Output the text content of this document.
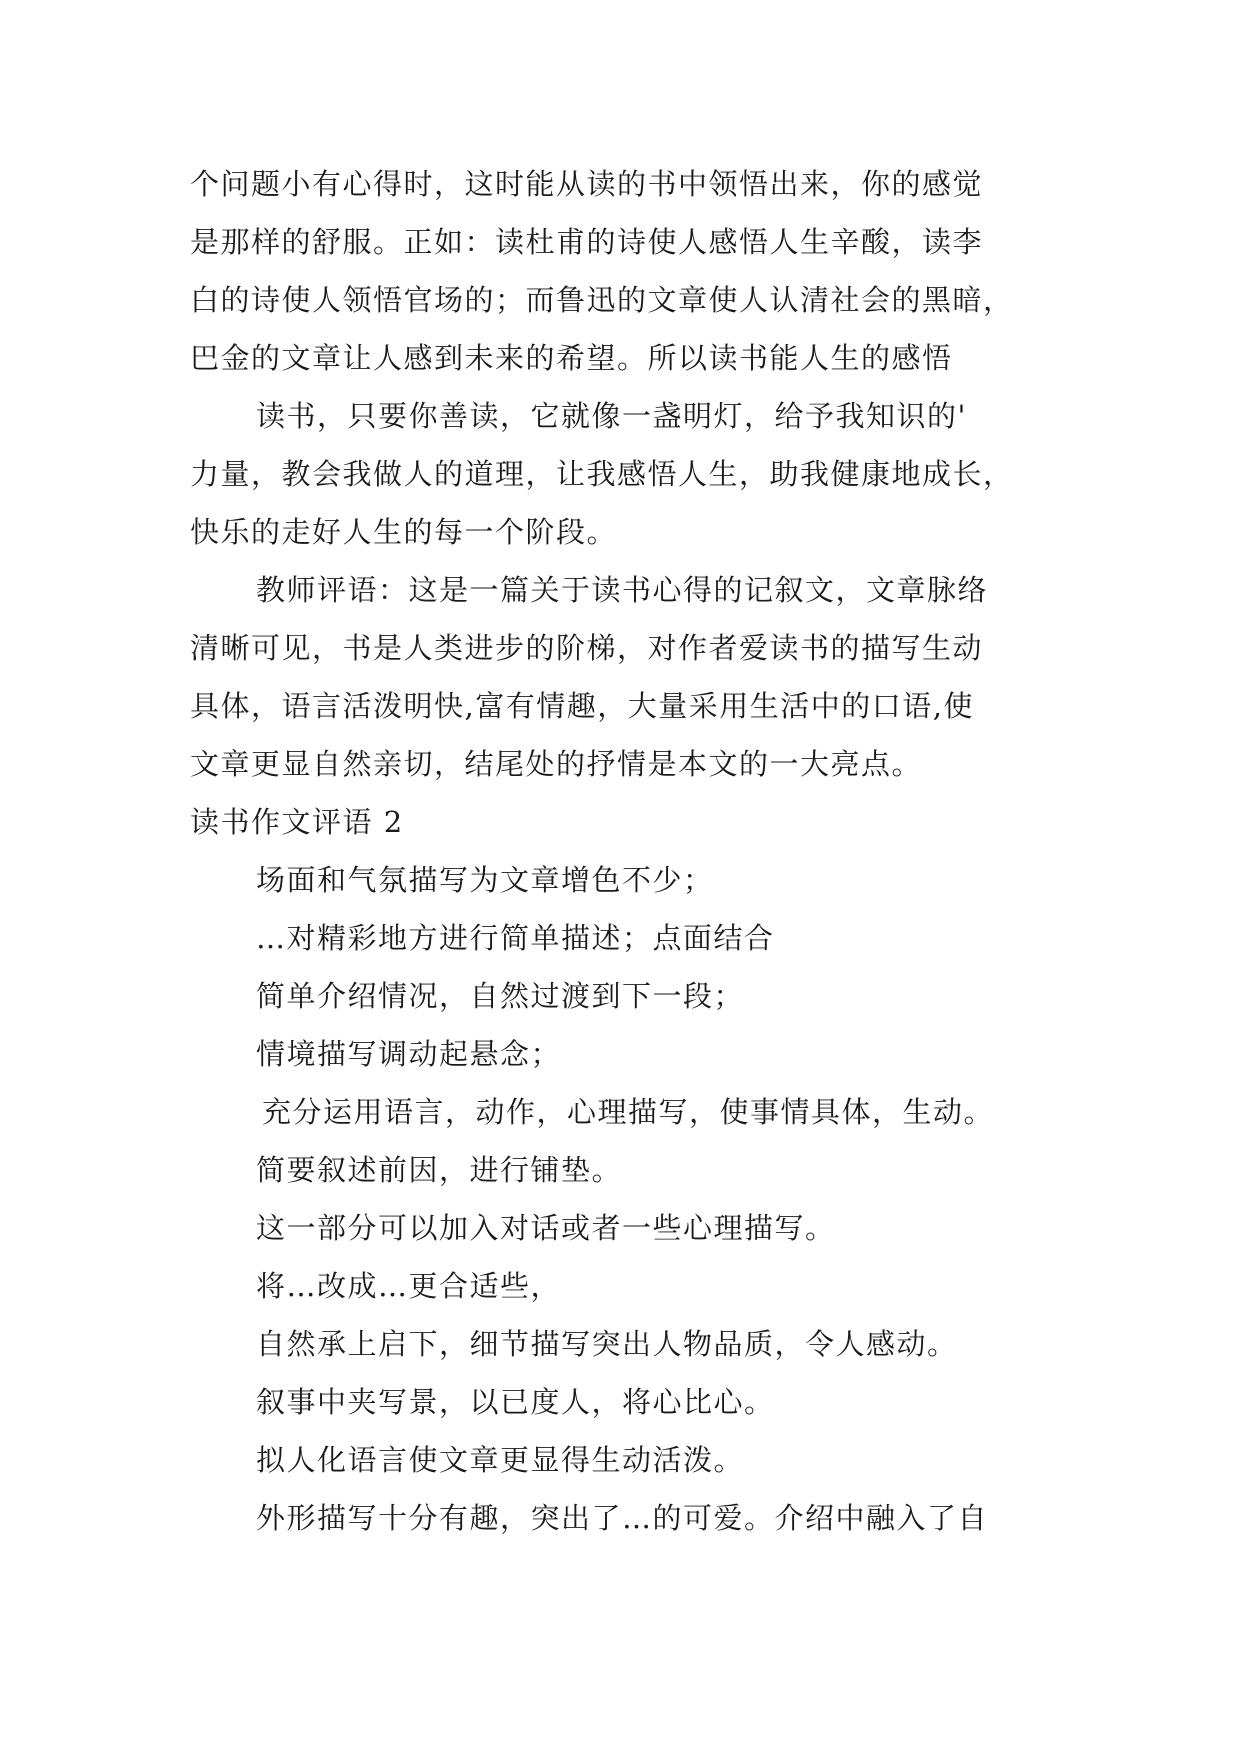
个问题小有心得时，这时能从读的书中领悟出来，你的感觉
是那样的舒服。正如：读杜甫的诗使人感悟人生辛酸，读李
白的诗使人领悟官场的；而鲁迅的文章使人认清社会的黑暗，
巴金的文章让人感到未来的希望。所以读书能人生的感悟
读书，只要你善读，它就像一盏明灯，给予我知识的'
力量，教会我做人的道理，让我感悟人生，助我健康地成长，
快乐的走好人生的每一个阶段。
教师评语：这是一篇关于读书心得的记叙文，文章脉络
清晰可见，书是人类进步的阶梯，对作者爱读书的描写生动
具体，语言活泼明快,富有情趣，大量采用生活中的口语,使
文章更显自然亲切，结尾处的抒情是本文的一大亮点。
读书作文评语 2
场面和气氛描写为文章增色不少；
…对精彩地方进行简单描述；点面结合
简单介绍情况，自然过渡到下一段；
情境描写调动起悬念；
充分运用语言，动作，心理描写，使事情具体，生动。
简要叙述前因，进行铺垫。
这一部分可以加入对话或者一些心理描写。
将…改成…更合适些，
自然承上启下，细节描写突出人物品质，令人感动。
叙事中夹写景，以已度人，将心比心。
拟人化语言使文章更显得生动活泼。
外形描写十分有趣，突出了…的可爱。介绍中融入了自
